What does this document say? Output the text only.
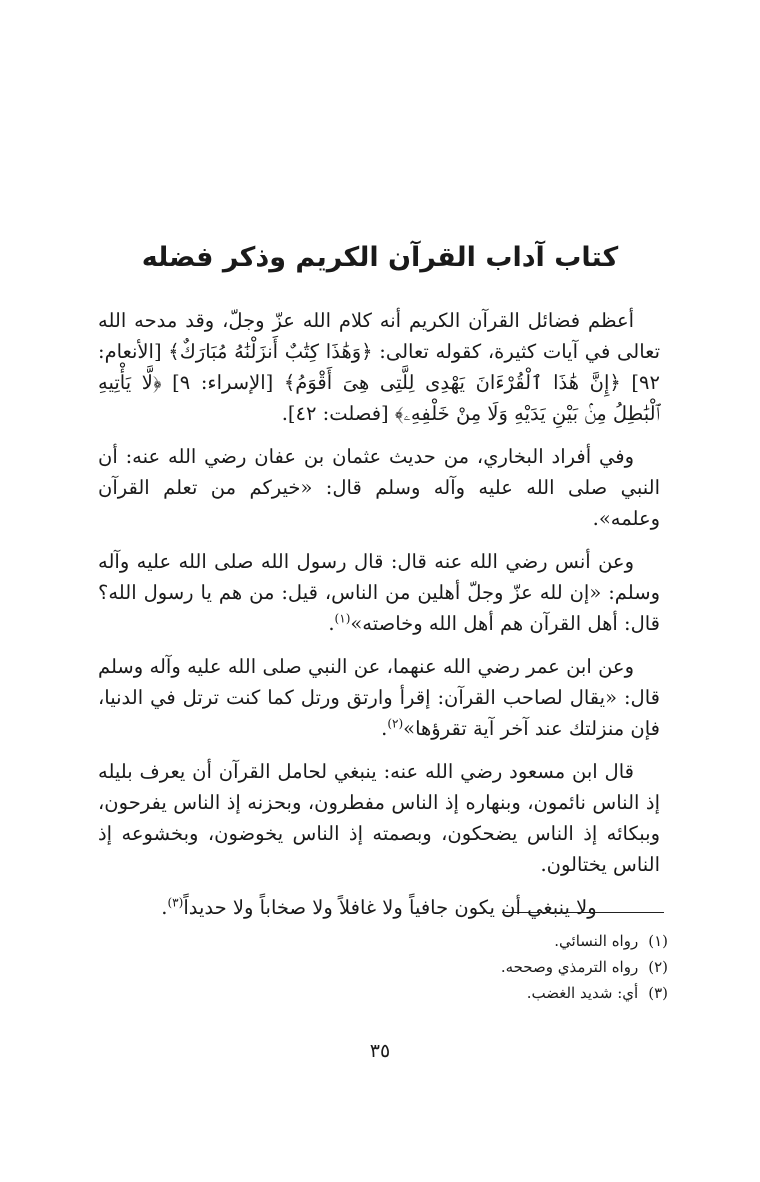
كتاب آداب القرآن الكريم وذكر فضله

أعظم فضائل القرآن الكريم أنه كلام الله عزّ وجلّ، وقد مدحه الله تعالى في آيات كثيرة، كقوله تعالى: ﴿وَهَٰذَا كِتَٰبٌ أَنزَلْنَٰهُ مُبَارَكٌ﴾ [الأنعام: ٩٢] ﴿إِنَّ هَٰذَا ٱلْقُرْءَانَ يَهْدِى لِلَّتِى هِىَ أَقْوَمُ﴾ [الإسراء: ٩] ﴿لَّا يَأْتِيهِ ٱلْبَٰطِلُ مِنۢ بَيْنِ يَدَيْهِ وَلَا مِنْ خَلْفِهِۦ﴾ [فصلت: ٤٢].

وفي أفراد البخاري، من حديث عثمان بن عفان رضي الله عنه: أن النبي صلى الله عليه وآله وسلم قال: «خيركم من تعلم القرآن وعلمه».

وعن أنس رضي الله عنه قال: قال رسول الله صلى الله عليه وآله وسلم: «إن لله عزّ وجلّ أهلين من الناس، قيل: من هم يا رسول الله؟ قال: أهل القرآن هم أهل الله وخاصته»$^{(١)}$.

وعن ابن عمر رضي الله عنهما، عن النبي صلى الله عليه وآله وسلم قال: «يقال لصاحب القرآن: إقرأ وارتق ورتل كما كنت ترتل في الدنيا، فإن منزلتك عند آخر آية تقرؤها»$^{(٢)}$.

قال ابن مسعود رضي الله عنه: ينبغي لحامل القرآن أن يعرف بليله إذ الناس نائمون، وبنهاره إذ الناس مفطرون، وبحزنه إذ الناس يفرحون، وببكائه إذ الناس يضحكون، وبصمته إذ الناس يخوضون، وبخشوعه إذ الناس يختالون.

ولا ينبغي أن يكون جافياً ولا غافلاً ولا صخاباً ولا حديداً$^{(٣)}$.

(١)رواه النسائي.
(٢)رواه الترمذي وصححه.
(٣)أي: شديد الغضب.
٣٥
